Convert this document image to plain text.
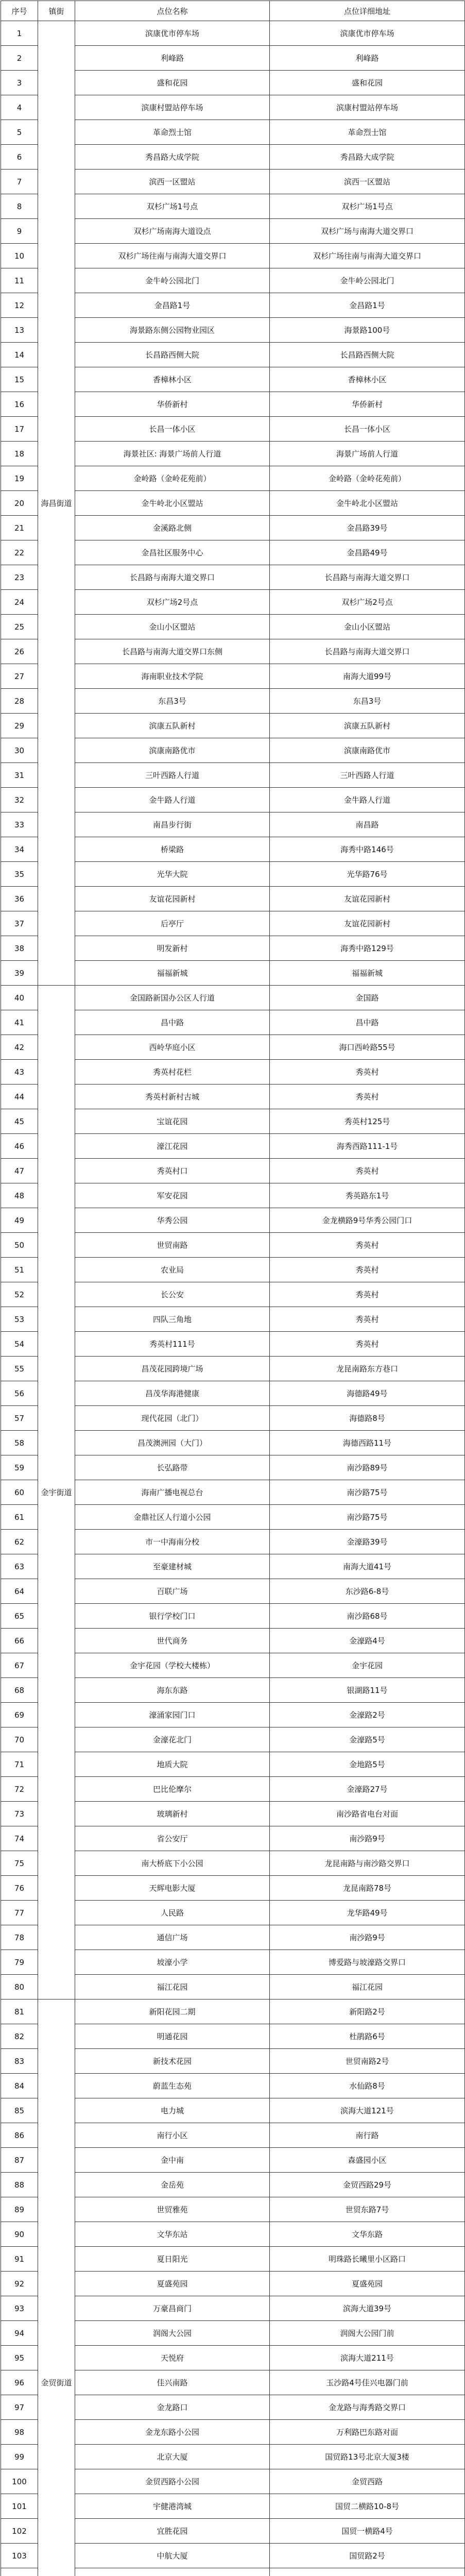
序号	镇街	点位名称	点位详细地址
1	海昌街道	滨康优市停车场	滨康优市停车场
2		利峰路	利峰路
3		盛和花园	盛和花园
4		滨康村盟站停车场	滨康村盟站停车场
5		革命烈士馆	革命烈士馆
6		秀昌路大成学院	秀昌路大成学院
7		滨西一区盟站	滨西一区盟站
8		双杉广场1号点	双杉广场1号点
9		双杉广场南海大道设点	双杉广场与南海大道交界口
10		双杉广场往南与南海大道交界口	双杉广场往南与南海大道交界口
11		金牛岭公园北门	金牛岭公园北门
12		金昌路1号	金昌路1号
13		海景路东侧公园物业园区	海景路100号
14		长昌路西侧大院	长昌路西侧大院
15		香樟林小区	香樟林小区
16		华侨新村	华侨新村
17		长昌一体小区	长昌一体小区
18		海景社区: 海景广场前人行道	海景广场前人行道
19		金岭路（金岭花苑前）	金岭路（金岭花苑前）
20		金牛岭北小区盟站	金牛岭北小区盟站
21		金溪路北侧	金昌路39号
22		金昌社区服务中心	金昌路49号
23		长昌路与南海大道交界口	长昌路与南海大道交界口
24		双杉广场2号点	双杉广场2号点
25		金山小区盟站	金山小区盟站
26		长昌路与南海大道交界口东侧	长昌路与南海大道交界口
27		海南职业技术学院	南海大道99号
28		东昌3号	东昌3号
29		滨康五队新村	滨康五队新村
30		滨康南路优市	滨康南路优市
31		三叶西路人行道	三叶西路人行道
32		金牛路人行道	金牛路人行道
33		南昌步行街	南昌路
34		桥梁路	海秀中路146号
35		光华大院	光华路76号
36		友谊花园新村	友谊花园新村
37		后亭厅	友谊花园新村
38		明发新村	海秀中路129号
39		福福新城	福福新城
40	金宇街道	金国路新国办公区人行道	金国路
41		昌中路	昌中路
42		西岭华庭小区	海口西岭路55号
43		秀英村花栏	秀英村
44		秀英村新村古城	秀英村
45		宝谊花园	秀英村125号
46		濠江花园	海秀西路111-1号
47		秀英村口	秀英村
48		军安花园	秀英路东1号
49		华秀公园	金龙横路9号华秀公园门口
50		世贸南路	秀英村
51		农业局	秀英村
52		长公安	秀英村
53		四队三角地	秀英村
54		秀英村111号	秀英村
55		昌茂花园跨境广场	龙昆南路东方巷口
56		昌茂华海港健康	海德路49号
57		现代花园（北门）	海德路8号
58		昌茂澳洲园（大门）	海德西路11号
59		长弘路带	南沙路89号
60		海南广播电视总台	南沙路75号
61		金鼎社区人行道小公园	南沙路75号
62		市一中海南分校	金濠路39号
63		至豪建材城	南海大道41号
64		百联广场	东沙路6-8号
65		银行学校门口	南沙路68号
66		世代商务	金濠路4号
67		金宇花园（学校大楼栋）	金宇花园
68		海东东路	银湖路11号
69		濠涌家园门口	金濠路2号
70		金濠花北门	金濠路5号
71		地质大院	金地路5号
72		巴比伦摩尔	金濠路27号
73		玻璃新村	南沙路省电台对面
74		省公安厅	南沙路9号
75		南大桥底下小公园	龙昆南路与南沙路交界口
76		天辉电影大厦	龙昆南路78号
77		人民路	龙华路49号
78		通信广场	南沙路9号
79		坡濠小学	博爱路与坡濠路交界口
80		福江花园	福江花园
81	金贸街道	新阳花园二期	新阳路2号
82		明通花园	杜鹃路6号
83		新技术花园	世贸南路2号
84		蔚蓝生态苑	水仙路8号
85		电力城	滨海大道121号
86		南行小区	南行路
87		金中南	森盛园小区
88		金岳苑	金贸西路29号
89		世贸雅苑	世贸东路7号
90		文华东站	文华东路
91		夏日阳光	明珠路长曦里小区路口
92		夏盛苑园	夏盛苑园
93		万豪昌商门	滨海大道39号
94		润阁大公园	润阁大公园门前
95		天悦府	滨海大道211号
96		佳兴南路	玉沙路4号佳兴电器门前
97		金龙路口	金龙路与海秀路交界口
98		金龙东路小公园	万利路巴东路对面
99		北京大厦	国贸路13号北京大厦3楼
100		金贸西路小公园	金贸西路
101		宇健港湾城	国贸二横路10-8号
102		宜胜花园	国贸一横路4号
103		中航大厦	国贸路2号
